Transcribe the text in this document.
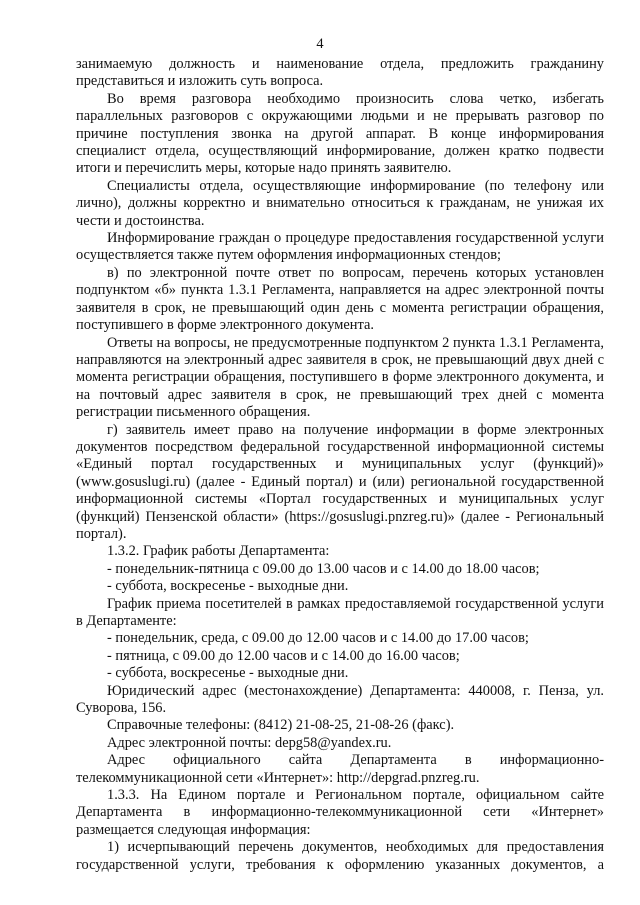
4

занимаемую должность и наименование отдела, предложить гражданину представиться и изложить суть вопроса.

Во время разговора необходимо произносить слова четко, избегать параллельных разговоров с окружающими людьми и не прерывать разговор по причине поступления звонка на другой аппарат. В конце информирования специалист отдела, осуществляющий информирование, должен кратко подвести итоги и перечислить меры, которые надо принять заявителю.

Специалисты отдела, осуществляющие информирование (по телефону или лично), должны корректно и внимательно относиться к гражданам, не унижая их чести и достоинства.

Информирование граждан о процедуре предоставления государственной услуги осуществляется также путем оформления информационных стендов;

в) по электронной почте ответ по вопросам, перечень которых установлен подпунктом «б» пункта 1.3.1 Регламента, направляется на адрес электронной почты заявителя в срок, не превышающий один день с момента регистрации обращения, поступившего в форме электронного документа.

Ответы на вопросы, не предусмотренные подпунктом 2 пункта 1.3.1 Регламента, направляются на электронный адрес заявителя в срок, не превышающий двух дней с момента регистрации обращения, поступившего в форме электронного документа, и на почтовый адрес заявителя в срок, не превышающий трех дней с момента регистрации письменного обращения.

г) заявитель имеет право на получение информации в форме электронных документов посредством федеральной государственной информационной системы «Единый портал государственных и муниципальных услуг (функций)» (www.gosuslugi.ru) (далее - Единый портал) и (или) региональной государственной информационной системы «Портал государственных и муниципальных услуг (функций) Пензенской области» (https://gosuslugi.pnzreg.ru)» (далее - Региональный портал).

1.3.2. График работы Департамента:

- понедельник-пятница с 09.00 до 13.00 часов и с 14.00 до 18.00 часов;

- суббота, воскресенье - выходные дни.

График приема посетителей в рамках предоставляемой государственной услуги в Департаменте:

- понедельник, среда, с 09.00 до 12.00 часов и с 14.00 до 17.00 часов;

- пятница, с 09.00 до 12.00 часов и с 14.00 до 16.00 часов;

- суббота, воскресенье - выходные дни.

Юридический адрес (местонахождение) Департамента: 440008, г. Пенза, ул. Суворова, 156.

Справочные телефоны: (8412) 21-08-25, 21-08-26 (факс).

Адрес электронной почты: depg58@yandex.ru.

Адрес официального сайта Департамента в информационно-телекоммуникационной сети «Интернет»: http://depgrad.pnzreg.ru.

1.3.3. На Едином портале и Региональном портале, официальном сайте Департамента в информационно-телекоммуникационной сети «Интернет» размещается следующая информация:

1) исчерпывающий перечень документов, необходимых для предоставления государственной услуги, требования к оформлению указанных документов, а
